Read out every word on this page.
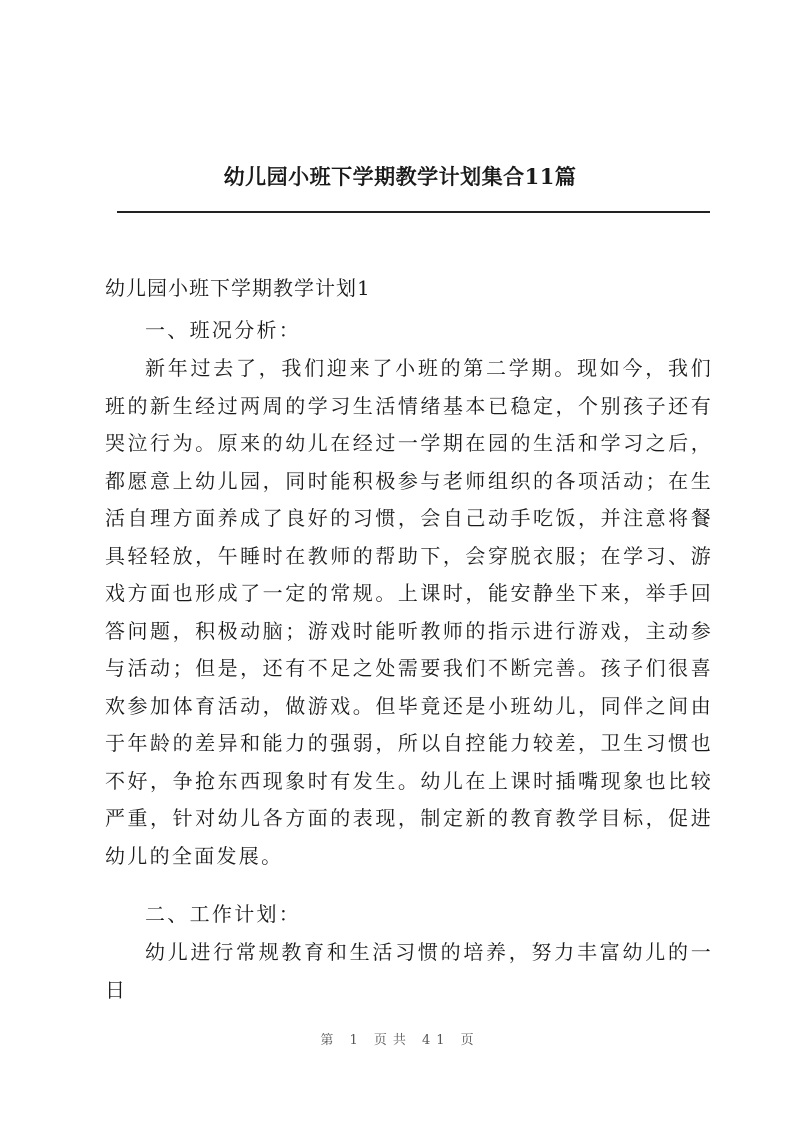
幼儿园小班下学期教学计划集合11篇
幼儿园小班下学期教学计划1
一、班况分析：
新年过去了，我们迎来了小班的第二学期。现如今，我们班的新生经过两周的学习生活情绪基本已稳定，个别孩子还有哭泣行为。原来的幼儿在经过一学期在园的生活和学习之后，都愿意上幼儿园，同时能积极参与老师组织的各项活动；在生活自理方面养成了良好的习惯，会自己动手吃饭，并注意将餐具轻轻放，午睡时在教师的帮助下，会穿脱衣服；在学习、游戏方面也形成了一定的常规。上课时，能安静坐下来，举手回答问题，积极动脑；游戏时能听教师的指示进行游戏，主动参与活动；但是，还有不足之处需要我们不断完善。孩子们很喜欢参加体育活动，做游戏。但毕竟还是小班幼儿，同伴之间由于年龄的差异和能力的强弱，所以自控能力较差，卫生习惯也不好，争抢东西现象时有发生。幼儿在上课时插嘴现象也比较严重，针对幼儿各方面的表现，制定新的教育教学目标，促进幼儿的全面发展。
二、工作计划：
幼儿进行常规教育和生活习惯的培养，努力丰富幼儿的一日
第 1 页共 41 页
